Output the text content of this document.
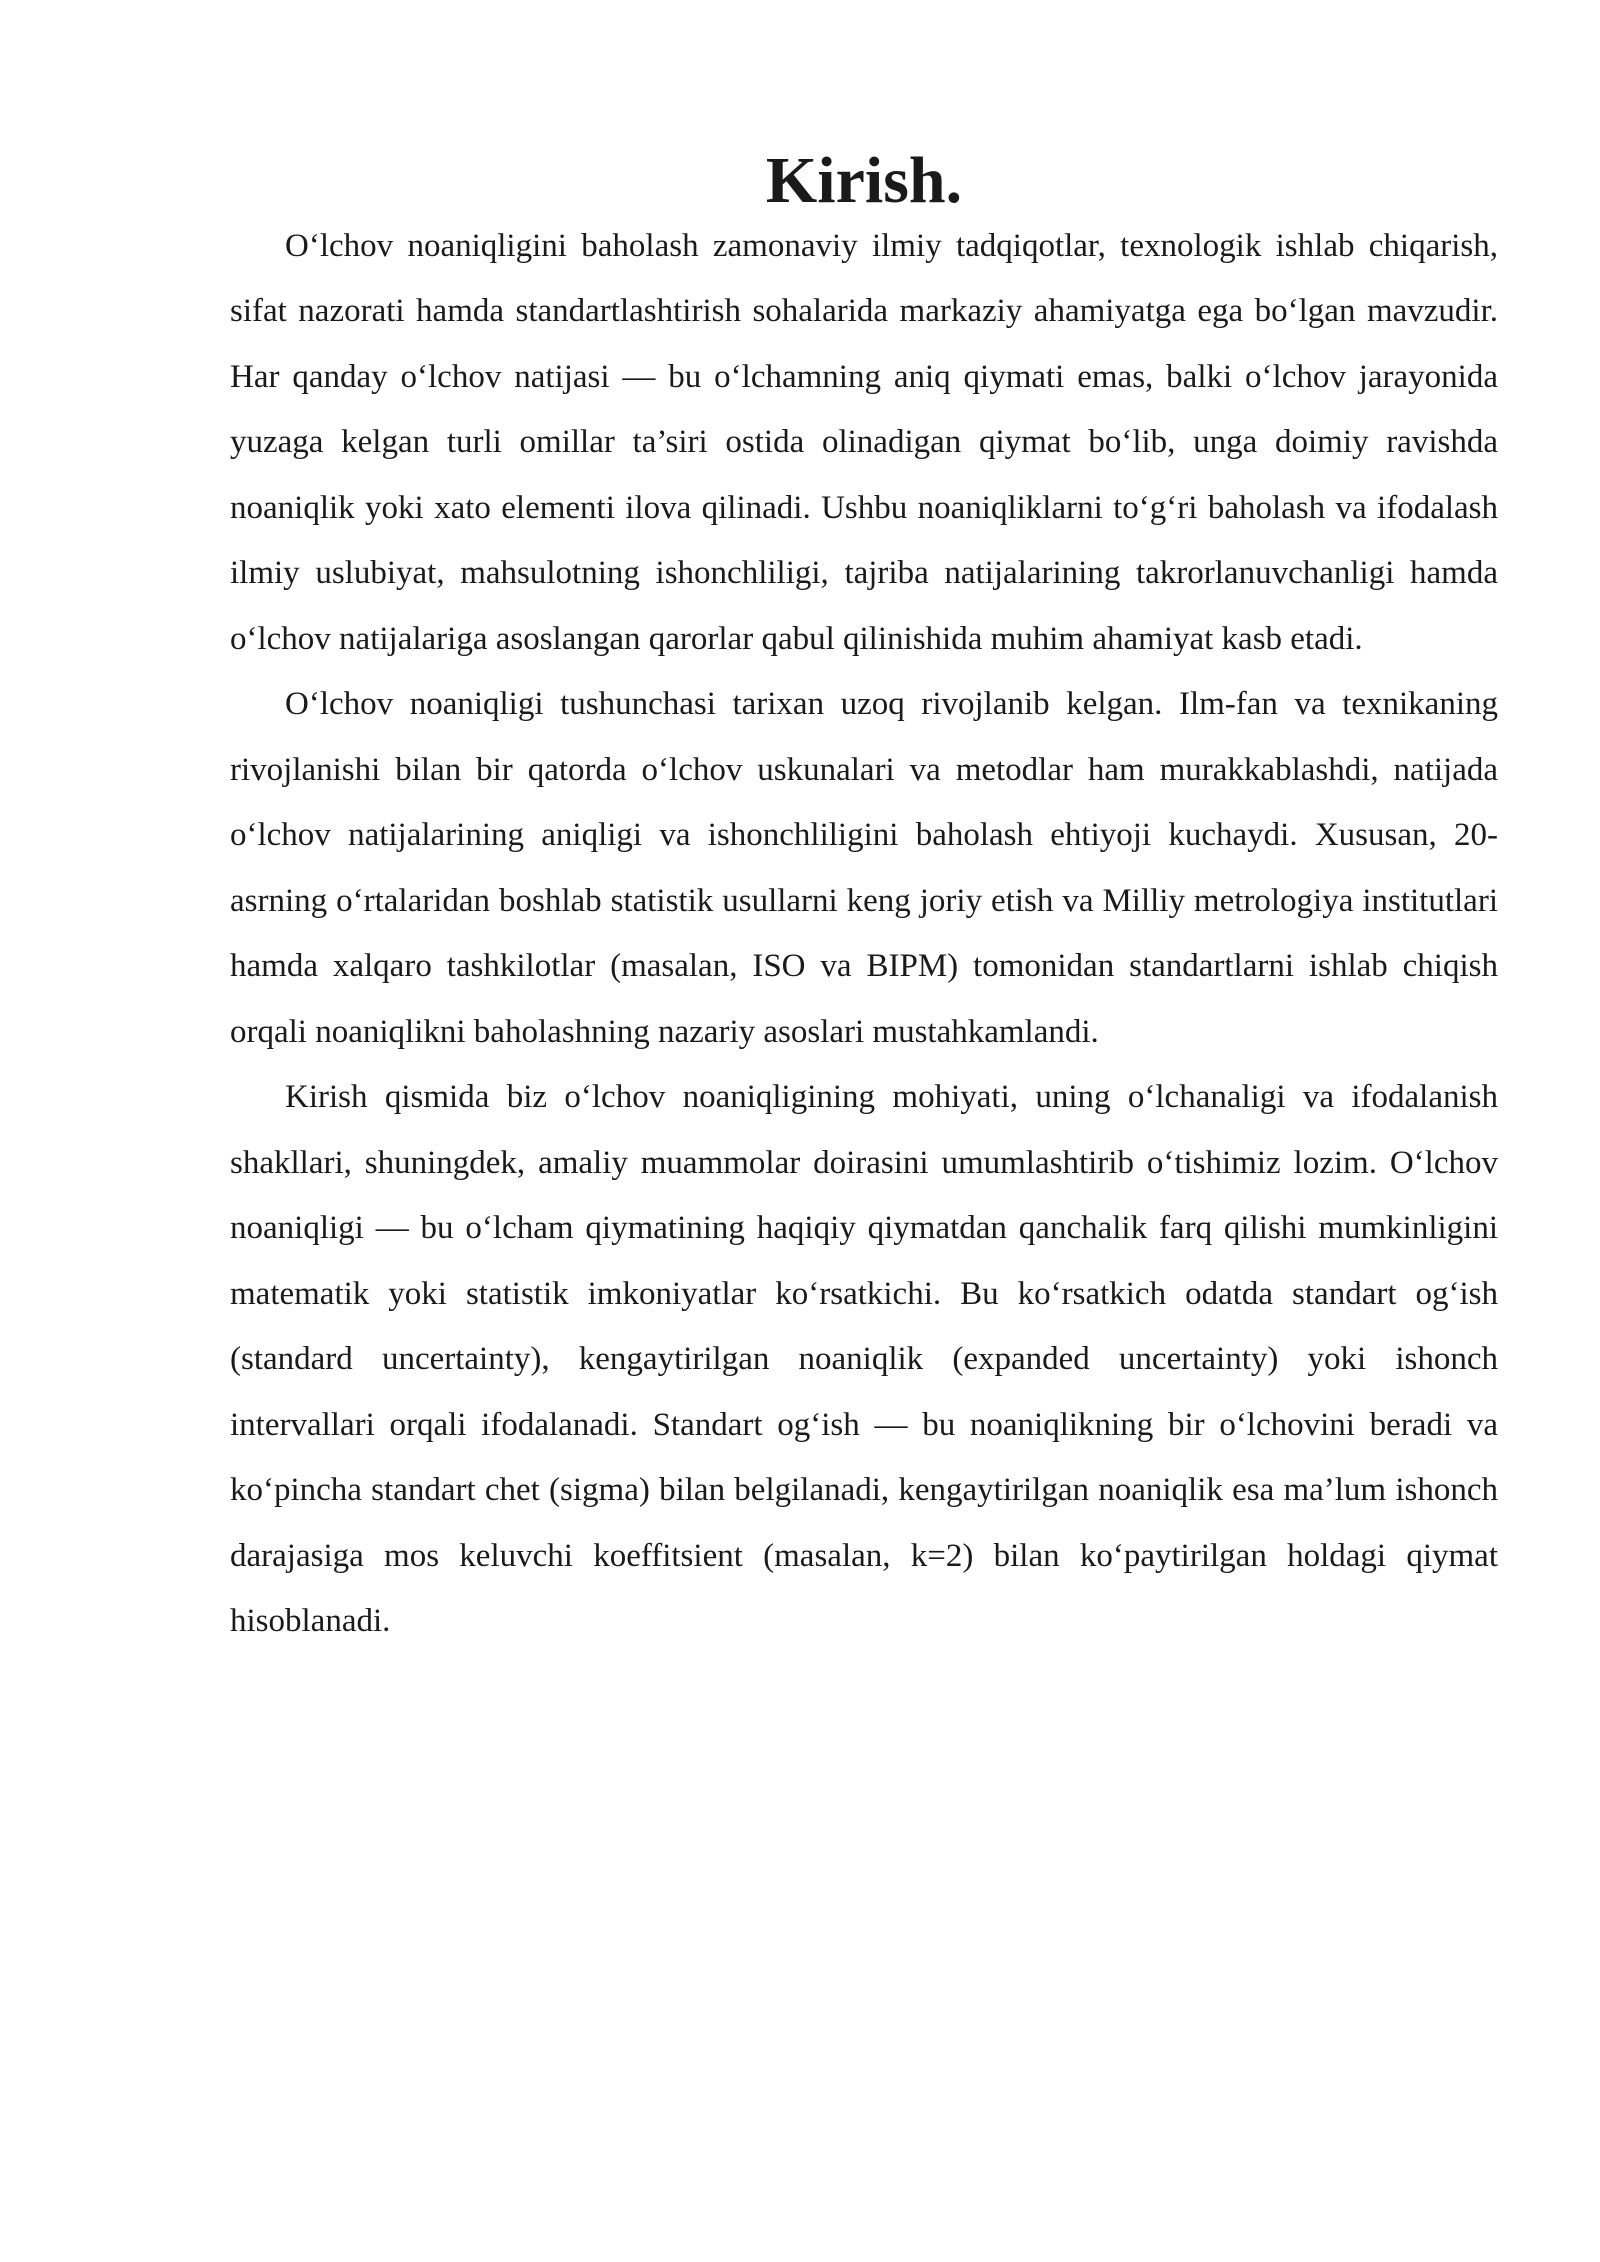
Kirish.

O‘lchov noaniqligini baholash zamonaviy ilmiy tadqiqotlar, texnologik ishlab chiqarish, sifat nazorati hamda standartlashtirish sohalarida markaziy ahamiyatga ega bo‘lgan mavzudir. Har qanday o‘lchov natijasi — bu o‘lchamning aniq qiymati emas, balki o‘lchov jarayonida yuzaga kelgan turli omillar ta’siri ostida olinadigan qiymat bo‘lib, unga doimiy ravishda noaniqlik yoki xato elementi ilova qilinadi. Ushbu noaniqliklarni to‘g‘ri baholash va ifodalash ilmiy uslubiyat, mahsulotning ishonchliligi, tajriba natijalarining takrorlanuvchanligi hamda o‘lchov natijalariga asoslangan qarorlar qabul qilinishida muhim ahamiyat kasb etadi.

O‘lchov noaniqligi tushunchasi tarixan uzoq rivojlanib kelgan. Ilm-fan va texnikaning rivojlanishi bilan bir qatorda o‘lchov uskunalari va metodlar ham murakkablashdi, natijada o‘lchov natijalarining aniqligi va ishonchliligini baholash ehtiyoji kuchaydi. Xususan, 20-asrning o‘rtalaridan boshlab statistik usullarni keng joriy etish va Milliy metrologiya institutlari hamda xalqaro tashkilotlar (masalan, ISO va BIPM) tomonidan standartlarni ishlab chiqish orqali noaniqlikni baholashning nazariy asoslari mustahkamlandi.

Kirish qismida biz o‘lchov noaniqligining mohiyati, uning o‘lchanaligi va ifodalanish shakllari, shuningdek, amaliy muammolar doirasini umumlashtirib o‘tishimiz lozim. O‘lchov noaniqligi — bu o‘lcham qiymatining haqiqiy qiymatdan qanchalik farq qilishi mumkinligini matematik yoki statistik imkoniyatlar ko‘rsatkichi. Bu ko‘rsatkich odatda standart og‘ish (standard uncertainty), kengaytirilgan noaniqlik (expanded uncertainty) yoki ishonch intervallari orqali ifodalanadi. Standart og‘ish — bu noaniqlikning bir o‘lchovini beradi va ko‘pincha standart chet (sigma) bilan belgilanadi, kengaytirilgan noaniqlik esa ma’lum ishonch darajasiga mos keluvchi koeffitsient (masalan, k=2) bilan ko‘paytirilgan holdagi qiymat hisoblanadi.
